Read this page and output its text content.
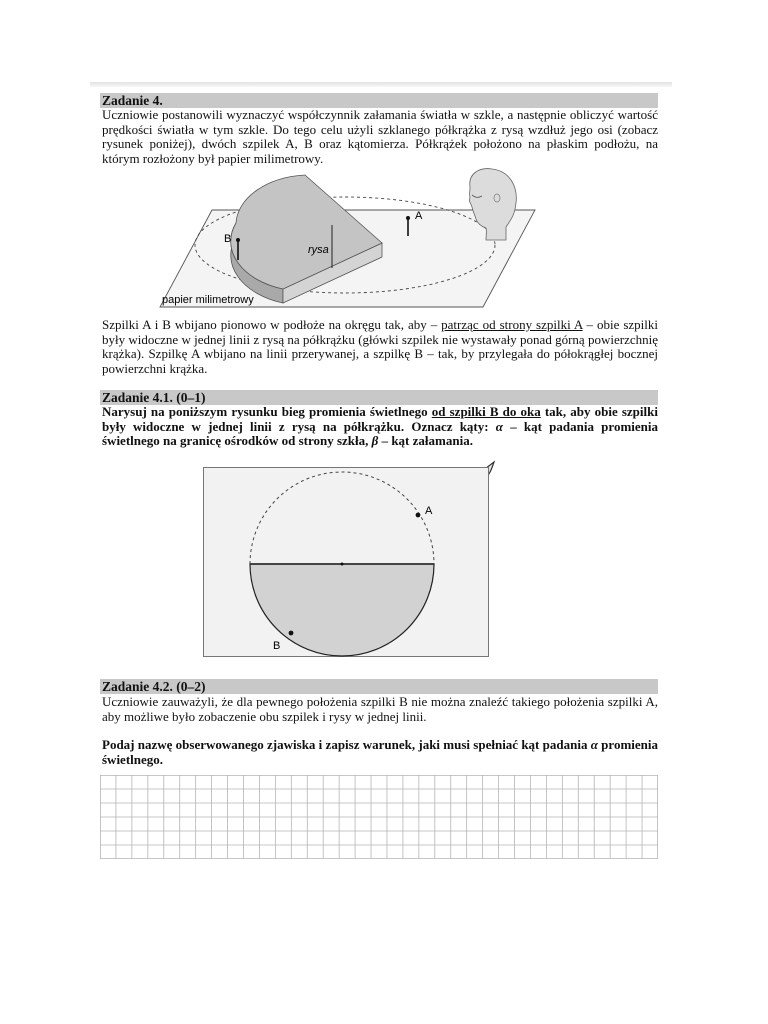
Zadanie 4.

Uczniowie postanowili wyznaczyć współczynnik załamania światła w szkle, a następnie obliczyć wartość prędkości światła w tym szkle. Do tego celu użyli szklanego półkrążka z rysą wzdłuż jego osi (zobacz rysunek poniżej), dwóch szpilek A, B oraz kątomierza. Półkrążek położono na płaskim podłożu, na którym rozłożony był papier milimetrowy.

rysa
B
A
papier milimetrowy

Szpilki A i B wbijano pionowo w podłoże na okręgu tak, aby – patrząc od strony szpilki A – obie szpilki były widoczne w jednej linii z rysą na półkrążku (główki szpilek nie wystawały ponad górną powierzchnię krążka). Szpilkę A wbijano na linii przerywanej, a szpilkę B – tak, by przylegała do półokrągłej bocznej powierzchni krążka.

Zadanie 4.1. (0–1)

Narysuj na poniższym rysunku bieg promienia świetlnego od szpilki B do oka tak, aby obie szpilki były widoczne w jednej linii z rysą na półkrążku. Oznacz kąty: α – kąt padania promienia świetlnego na granicę ośrodków od strony szkła, β – kąt załamania.

A
B
Zadanie 4.2. (0–2)

Uczniowie zauważyli, że dla pewnego położenia szpilki B nie można znaleźć takiego położenia szpilki A, aby możliwe było zobaczenie obu szpilek i rysy w jednej linii.

Podaj nazwę obserwowanego zjawiska i zapisz warunek, jaki musi spełniać kąt padania α promienia świetlnego.
